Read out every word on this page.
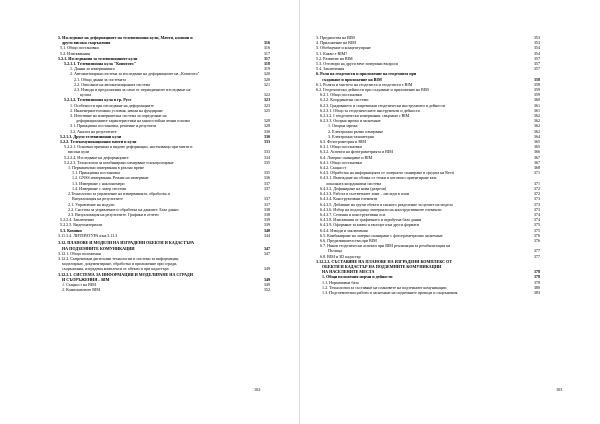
5. Изследване на деформациите на телевизионни кули, Мачти, комини и
други високи съоръжения	316
5.1. Общи постановки	316
5.2. Изискванния	317
5.2.1. Изследвания за телевизионните кули	317
5.2.1.1. Телевизионна кула "Копитото"	318
1. Данни за измерванията	319
2. Автоматизирана система за изследване на деформациите на „Копитото"	320
2.1. Общи данни за системата	320
2.2. Описание на автоматизираната система	321
2.3. Изводи и предложения за само от периодичните изследване на
кулата	322
5.2.1.2. Телевизионна кула в гр. Русе	323
1. Особености при изследване на деформациите	323
2. Инженерногеоложки условия, начин на фундиране	325
3. Изготвяне на измервателна система за определяне на
деформационните характеристики на многостойни земни основи	328
3.1. Принципна постановка, решение и резултати	328
3.2. Анализ на резултатите	330
5.2.1.3. Други телевизионни кули	330
5.2.2. Телекомуникационни мачти и кули	333
5.2.2.1. Основни причини и видове деформации, настъпващи при мачти и
високи кули	333
5.2.2.2. Изследване на деформациите	334
5.2.2.3. Технологии за комбинирано измерване и контролиране	335
1. Перманентни измервания в реално време
1.1. Принципна постановка	335
1.2. GNSS измервания. Режим на измерване	336
1.3. Измерване с наклономери	337
1.4. Измерване с лазер системи	337
2.Технологии за управление на измерванията, обработка и
Визуализация на резултатите	337
2.1. Управление на модули	337
2.2. Система за управление и обработка на данните. База данни	338
2.3. Визуализация на резултатите. Графики в отчети	338
5.2.2.4. Заключение	339
5.2.2.5. Видеоматериали	339
5.3. Комини	340
3.11.3.4. ЛИТЕРАТУРА към,3.11.3	344
3.12. ПЛАНОВЕ И МОДЕЛИ НА ИЗГРАДЕНИ ОБЕКТИ И КАДАСТЪРА
НА ПОДЗЕМНИТЕ КОМУНИКАЦИИ	347
3.12.1. Общи положения	347
3.12.2. Съвременни дигитални технологии и системи за информация,
моделиране, документиране, обработка и приложение при сгради,
съоръжения, изградени комплекси от обекти и при кадастъра	349
3.12.2.1. СИСТЕМА ЗА ИНФОРМАЦИЯ И МОДЕЛИРАНЕ НА СГРАДИ
И СЪОРЪЖЕНИЯ – BIM	349
1. Същност на BIM	349
2. Компонентите BIM	352
102
3. Предимства на BIM	353
4. Приложение на BIM	353
5. Обобщение и концептуиране	354
5.1. Какво е BIM?	354
5.2. Развитие на BIM	357
5.3. Отговори на други вече зачертани въпроси	357
5.4. Заключения	357
6. Роля на геодезисти и приложение на геодезията при
създаване и приложение на BIM	358
6.1. Ролята и мястото на геодезиста и геодезисти е BIM	358
6.2. Геодезически дейности при създаване и приложение на BIM	359
6.2.1. Общи постановки	359
6.2.2. Координатни системи	360
6.2.3. Градиването и съвременни геодезически инструменти и дейности	361
6.2.3.1. Общо за геодезическите инструменти и дейности	361
6.2.3.2. I геодезически измервания, свързани с BIM	362
6.2.3.3. Опорна мрежа и заснемане	362
1. Опорна мрежа	362
2. Електронно ръчно измерване	362
3. Електронна тахиметрия	364
6.3. Фотограметрия и BIM	365
6.3.1. Общи постановки	365
6.3.2. Аспекти на фотограметрията и BIM	366
6.4. Лазерно сканиране и BIM	367
6.4.1. Общи постановки	367
6.4.2. Същност	368
6.4.3. Обработка на информацията от лазерното сканиране в средата на Revit	371
6.4.3.1. Въвеждане на облака от точки и неговото ориентиране към
локалната координатна система	371
6.4.3.2. Дефиниране на нива (разрези)	372
6.4.3.3. Работа в съответните зони – изгледи в план	372
6.4.3.4. Конструктивни елементи	373
6.4.3.5. Добавяне на групи обекти и тяхното разделение за целите на модела	373
6.4.3.6. Избор на подходящо материали на конструктивните елементи	373
6.4.3.7. Сечения и конструктивни оси	374
6.4.3.8. Изисквания от графичната и атрибутна база данни	374
6.4.3.9. Оформяне за качен и експорт към други формати	375
6.4.4. Изводи и заключения	375
6.5. Комбиниране на лазерно сканиране с фотограметрично заснемане	376
6.6. Предизвикателства при BIM	376
6.7. Някои геодезически аспекти при BIM реализация за рехабилитация на
Пътища	377
6.8. BIM и 3D кадастър	377
3.12.2.2. СЪСТАВЯНЕ НА ПЛАНОВЕ НА ИЗГРАДЕНИ КОМПЛЕКС ОТ
ОБЕКТИ И КАДАСТЪР НА ПОДЗЕМНИТЕ КОМУНИКАЦИИ
НА НАСЕЛЕНИТЕ МЕСТА	378
1. Общи положения норми и дейности	378
1.1. Нормативна база	378
1.2. Технологии за съставяне на плановете на подземните комуникации	380
1.3. Подготвителни работи и заснемане на подземните проводи и съоръжения	383
103
